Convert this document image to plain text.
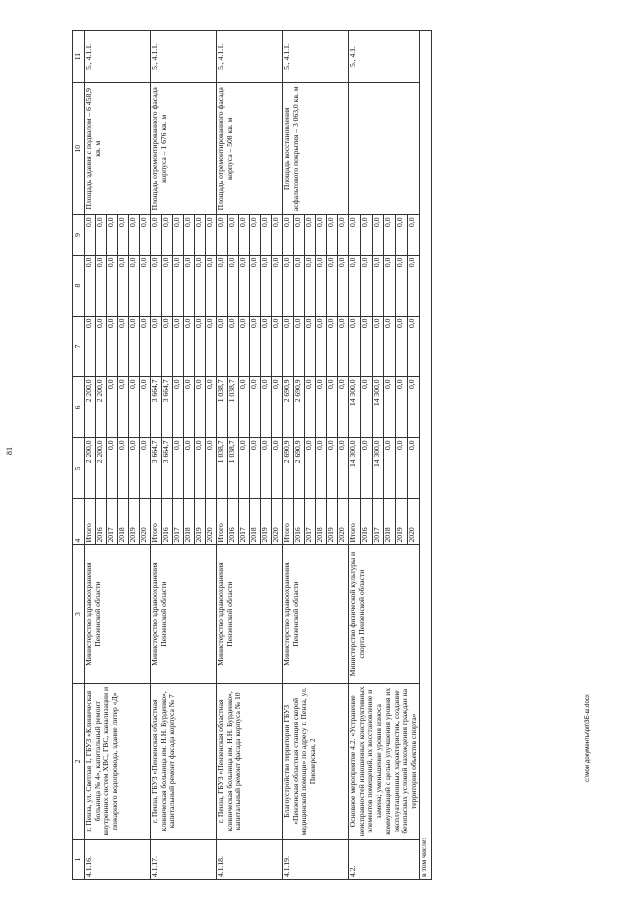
81
1	2	3	4	5	6	7	8	9	10	11
4.1.16.	г. Пенза, ул. Светлая 1, ГБУЗ «Клиническая больница № 4», капитальный ремонт внутренних систем ХВС, ГВС, канализации и пожарного водопровода, здание литер «Д»	Министерство здравоохранения Пензенской области	Итого	2 200,0	2 200,0	0,0	0,0	0,0	Площадь здания с подвалом – 6 458,9 кв. м	5., 4.1.1.
			2016	2 200,0	2 200,0	0,0	0,0	0,0		
			2017	0,0	0,0	0,0	0,0	0,0		
			2018	0,0	0,0	0,0	0,0	0,0		
			2019	0,0	0,0	0,0	0,0	0,0		
			2020	0,0	0,0	0,0	0,0	0,0		
4.1.17.	г. Пенза, ГБУЗ «Пензенская областная клиническая больница им. Н.Н. Бурденко», капитальный ремонт фасада корпуса № 7	Министерство здравоохранения Пензенской области	Итого	3 664,7	3 664,7	0,0	0,0	0,0	Площадь отремонтированного фасада корпуса – 1 676 кв. м	5., 4.1.1.
			2016	3 664,7	3 664,7	0,0	0,0	0,0		
			2017	0,0	0,0	0,0	0,0	0,0		
			2018	0,0	0,0	0,0	0,0	0,0		
			2019	0,0	0,0	0,0	0,0	0,0		
			2020	0,0	0,0	0,0	0,0	0,0		
4.1.18.	г. Пенза, ГБУЗ «Пензенская областная клиническая больница им. Н.Н. Бурденко», капитальный ремонт фасада корпуса № 10	Министерство здравоохранения Пензенской области	Итого	1 038,7	1 038,7	0,0	0,0	0,0	Площадь отремонтированного фасада корпуса – 508 кв. м	5., 4.1.1.
			2016	1 038,7	1 038,7	0,0	0,0	0,0		
			2017	0,0	0,0	0,0	0,0	0,0		
			2018	0,0	0,0	0,0	0,0	0,0		
			2019	0,0	0,0	0,0	0,0	0,0		
			2020	0,0	0,0	0,0	0,0	0,0		
4.1.19.	Благоустройство территории ГБУЗ «Пензенская областная станция скорой медицинской помощи» по адресу г. Пенза, ул. Пионерская, 2	Министерство здравоохранения Пензенской области	Итого	2 690,9	2 690,9	0,0	0,0	0,0	Площадь восстановления асфальтового покрытия – 3 063,0 кв. м	5., 4.1.1.
			2016	2 690,9	2 690,9	0,0	0,0	0,0		
			2017	0,0	0,0	0,0	0,0	0,0		
			2018	0,0	0,0	0,0	0,0	0,0		
			2019	0,0	0,0	0,0	0,0	0,0		
			2020	0,0	0,0	0,0	0,0	0,0		
4.2.	Основное мероприятие 4.2. «Устранение неисправностей изношенных конструктивных элементов помещений, их восстановление и замена; уменьшение уровня износа коммуникаций с целью улучшения уровня их эксплуатационных характеристик, создание безопасных условий нахождения граждан на территории объектов спорта»	Министерство физической культуры и спорта Пензенской области	Итого	14 300,0	14 300,0	0,0	0,0	0,0		5., 4.1.
			2016	0,0	0,0	0,0	0,0	0,0		
			2017	14 300,0	14 300,0	0,0	0,0	0,0		
			2018	0,0	0,0	0,0	0,0	0,0		
			2019	0,0	0,0	0,0	0,0	0,0		
			2020	0,0	0,0	0,0	0,0	0,0		
в том числе:										
c:\мои документы\рп\ЗЕ-ш.docx
